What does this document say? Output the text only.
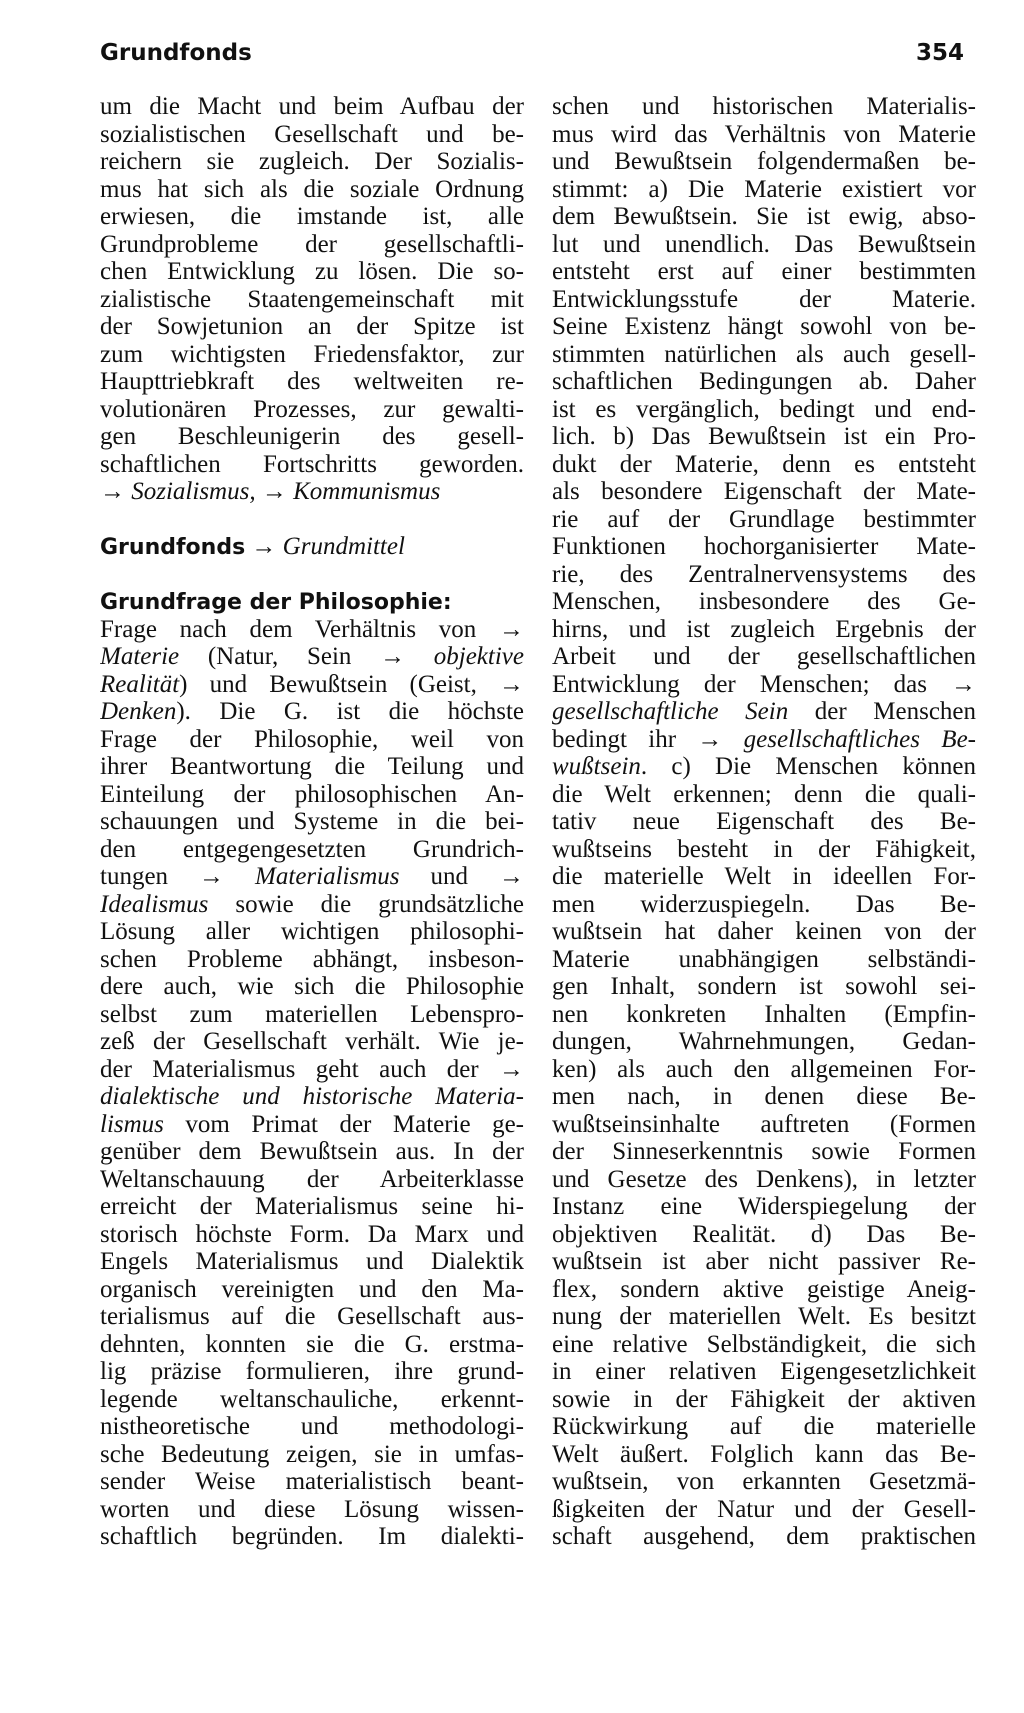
Grundfonds	354
um die Macht und beim Aufbau der
sozialistischen Gesellschaft und be-
reichern sie zugleich. Der Sozialis-
mus hat sich als die soziale Ordnung
erwiesen, die imstande ist, alle
Grundprobleme der gesellschaftli-
chen Entwicklung zu lösen. Die so-
zialistische Staatengemeinschaft mit
der Sowjetunion an der Spitze ist
zum wichtigsten Friedensfaktor, zur
Haupttriebkraft des weltweiten re-
volutionären Prozesses, zur gewalti-
gen Beschleunigerin des gesell-
schaftlichen Fortschritts geworden.
→ Sozialismus, → Kommunismus
Grundfonds → Grundmittel
Grundfrage der Philosophie:
Frage nach dem Verhältnis von →
Materie (Natur, Sein → objektive
Realität) und Bewußtsein (Geist, →
Denken). Die G. ist die höchste
Frage der Philosophie, weil von
ihrer Beantwortung die Teilung und
Einteilung der philosophischen An-
schauungen und Systeme in die bei-
den entgegengesetzten Grundrich-
tungen → Materialismus und →
Idealismus sowie die grundsätzliche
Lösung aller wichtigen philosophi-
schen Probleme abhängt, insbeson-
dere auch, wie sich die Philosophie
selbst zum materiellen Lebenspro-
zeß der Gesellschaft verhält. Wie je-
der Materialismus geht auch der →
dialektische und historische Materia-
lismus vom Primat der Materie ge-
genüber dem Bewußtsein aus. In der
Weltanschauung der Arbeiterklasse
erreicht der Materialismus seine hi-
storisch höchste Form. Da Marx und
Engels Materialismus und Dialektik
organisch vereinigten und den Ma-
terialismus auf die Gesellschaft aus-
dehnten, konnten sie die G. erstma-
lig präzise formulieren, ihre grund-
legende weltanschauliche, erkennt-
nistheoretische und methodologi-
sche Bedeutung zeigen, sie in umfas-
sender Weise materialistisch beant-
worten und diese Lösung wissen-
schaftlich begründen. Im dialekti-
schen und historischen Materialis-
mus wird das Verhältnis von Materie
und Bewußtsein folgendermaßen be-
stimmt: a) Die Materie existiert vor
dem Bewußtsein. Sie ist ewig, abso-
lut und unendlich. Das Bewußtsein
entsteht erst auf einer bestimmten
Entwicklungsstufe der Materie.
Seine Existenz hängt sowohl von be-
stimmten natürlichen als auch gesell-
schaftlichen Bedingungen ab. Daher
ist es vergänglich, bedingt und end-
lich. b) Das Bewußtsein ist ein Pro-
dukt der Materie, denn es entsteht
als besondere Eigenschaft der Mate-
rie auf der Grundlage bestimmter
Funktionen hochorganisierter Mate-
rie, des Zentralnervensystems des
Menschen, insbesondere des Ge-
hirns, und ist zugleich Ergebnis der
Arbeit und der gesellschaftlichen
Entwicklung der Menschen; das →
gesellschaftliche Sein der Menschen
bedingt ihr → gesellschaftliches Be-
wußtsein. c) Die Menschen können
die Welt erkennen; denn die quali-
tativ neue Eigenschaft des Be-
wußtseins besteht in der Fähigkeit,
die materielle Welt in ideellen For-
men widerzuspiegeln. Das Be-
wußtsein hat daher keinen von der
Materie unabhängigen selbständi-
gen Inhalt, sondern ist sowohl sei-
nen konkreten Inhalten (Empfin-
dungen, Wahrnehmungen, Gedan-
ken) als auch den allgemeinen For-
men nach, in denen diese Be-
wußtseinsinhalte auftreten (Formen
der Sinneserkenntnis sowie Formen
und Gesetze des Denkens), in letzter
Instanz eine Widerspiegelung der
objektiven Realität. d) Das Be-
wußtsein ist aber nicht passiver Re-
flex, sondern aktive geistige Aneig-
nung der materiellen Welt. Es besitzt
eine relative Selbständigkeit, die sich
in einer relativen Eigengesetzlichkeit
sowie in der Fähigkeit der aktiven
Rückwirkung auf die materielle
Welt äußert. Folglich kann das Be-
wußtsein, von erkannten Gesetzmä-
ßigkeiten der Natur und der Gesell-
schaft ausgehend, dem praktischen
